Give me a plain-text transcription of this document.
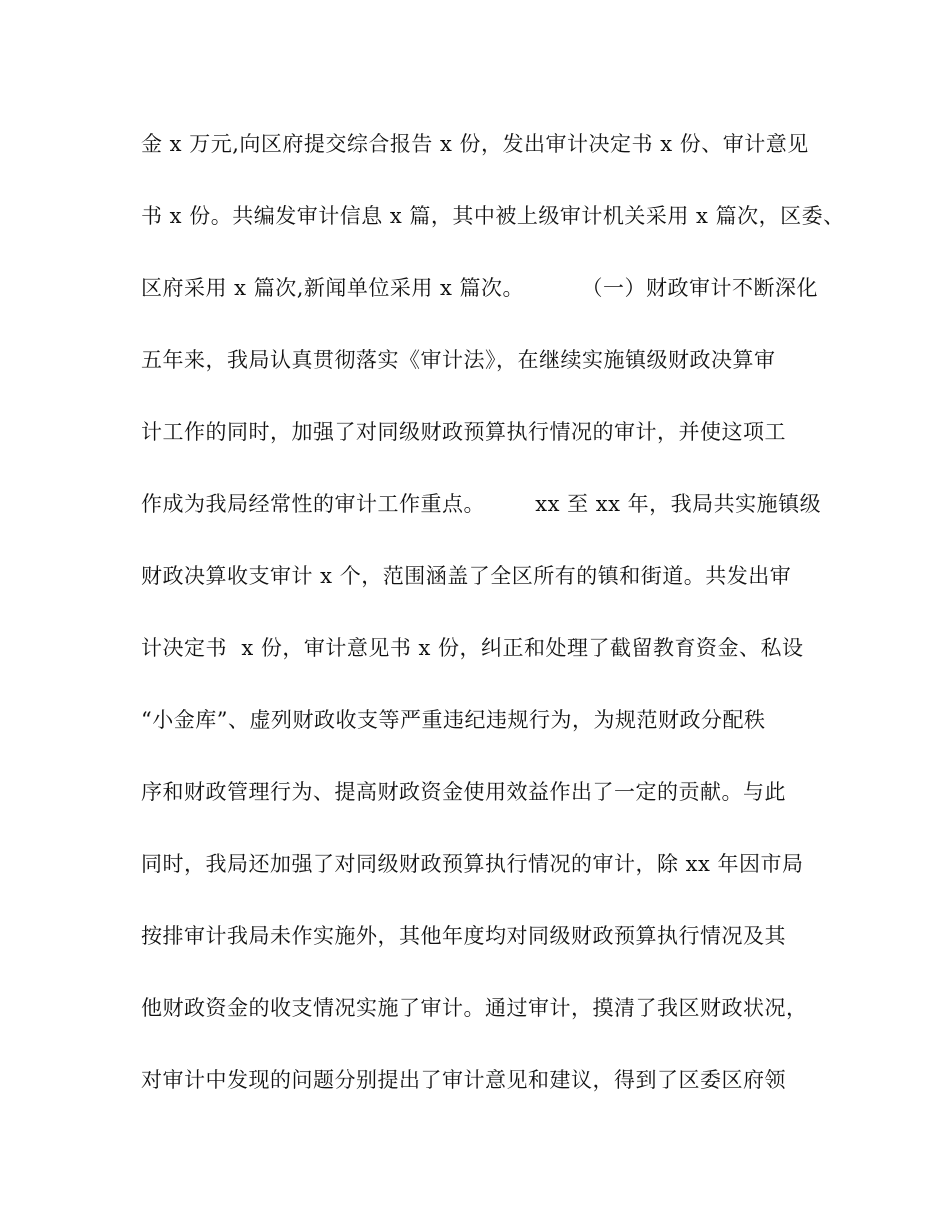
金 x 万元,向区府提交综合报告 x 份，发出审计决定书 x 份、审计意见
书 x 份。共编发审计信息 x 篇，其中被上级审计机关采用 x 篇次，区委、
区府采用 x 篇次,新闻单位采用 x 篇次。        （一）财政审计不断深化
五年来，我局认真贯彻落实《审计法》，在继续实施镇级财政决算审
计工作的同时，加强了对同级财政预算执行情况的审计，并使这项工
作成为我局经常性的审计工作重点。       xx 至 xx 年，我局共实施镇级
财政决算收支审计 x 个，范围涵盖了全区所有的镇和街道。共发出审
计决定书  x 份，审计意见书 x 份，纠正和处理了截留教育资金、私设
“小金库”、虚列财政收支等严重违纪违规行为，为规范财政分配秩
序和财政管理行为、提高财政资金使用效益作出了一定的贡献。与此
同时，我局还加强了对同级财政预算执行情况的审计，除 xx 年因市局
按排审计我局未作实施外，其他年度均对同级财政预算执行情况及其
他财政资金的收支情况实施了审计。通过审计，摸清了我区财政状况，
对审计中发现的问题分别提出了审计意见和建议，得到了区委区府领
